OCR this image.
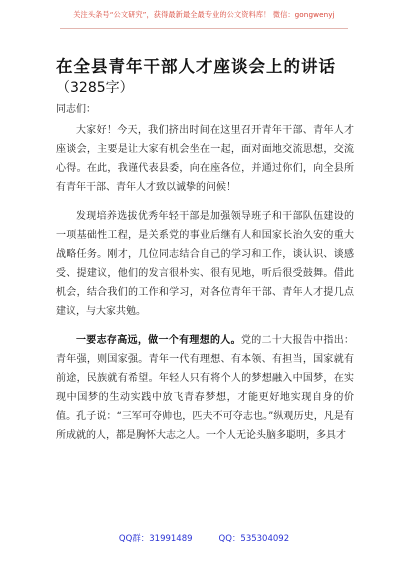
关注头条号“公文研究”，获得最新最全最专业的公文资料库！ 微信：gongwenyj
在全县青年干部人才座谈会上的讲话
（3285字）
同志们：

大家好！今天，我们挤出时间在这里召开青年干部、青年人才座谈会，主要是让大家有机会坐在一起，面对面地交流思想，交流心得。在此，我谨代表县委，向在座各位，并通过你们，向全县所有青年干部、青年人才致以诚挚的问候！

发现培养选拔优秀年轻干部是加强领导班子和干部队伍建设的一项基础性工程，是关系党的事业后继有人和国家长治久安的重大战略任务。刚才，几位同志结合自己的学习和工作，谈认识、谈感受、提建议，他们的发言很朴实、很有见地，听后很受鼓舞。借此机会，结合我们的工作和学习，对各位青年干部、青年人才提几点建议，与大家共勉。

一要志存高远，做一个有理想的人。党的二十大报告中指出：青年强，则国家强。青年一代有理想、有本领、有担当，国家就有前途，民族就有希望。年轻人只有将个人的梦想融入中国梦，在实现中国梦的生动实践中放飞青春梦想，才能更好地实现自身的价值。孔子说：“三军可夺帅也，匹夫不可夺志也。”纵观历史，凡是有所成就的人，都是胸怀大志之人。一个人无论头脑多聪明，多具才

QQ群：31991489	QQ：535304092
